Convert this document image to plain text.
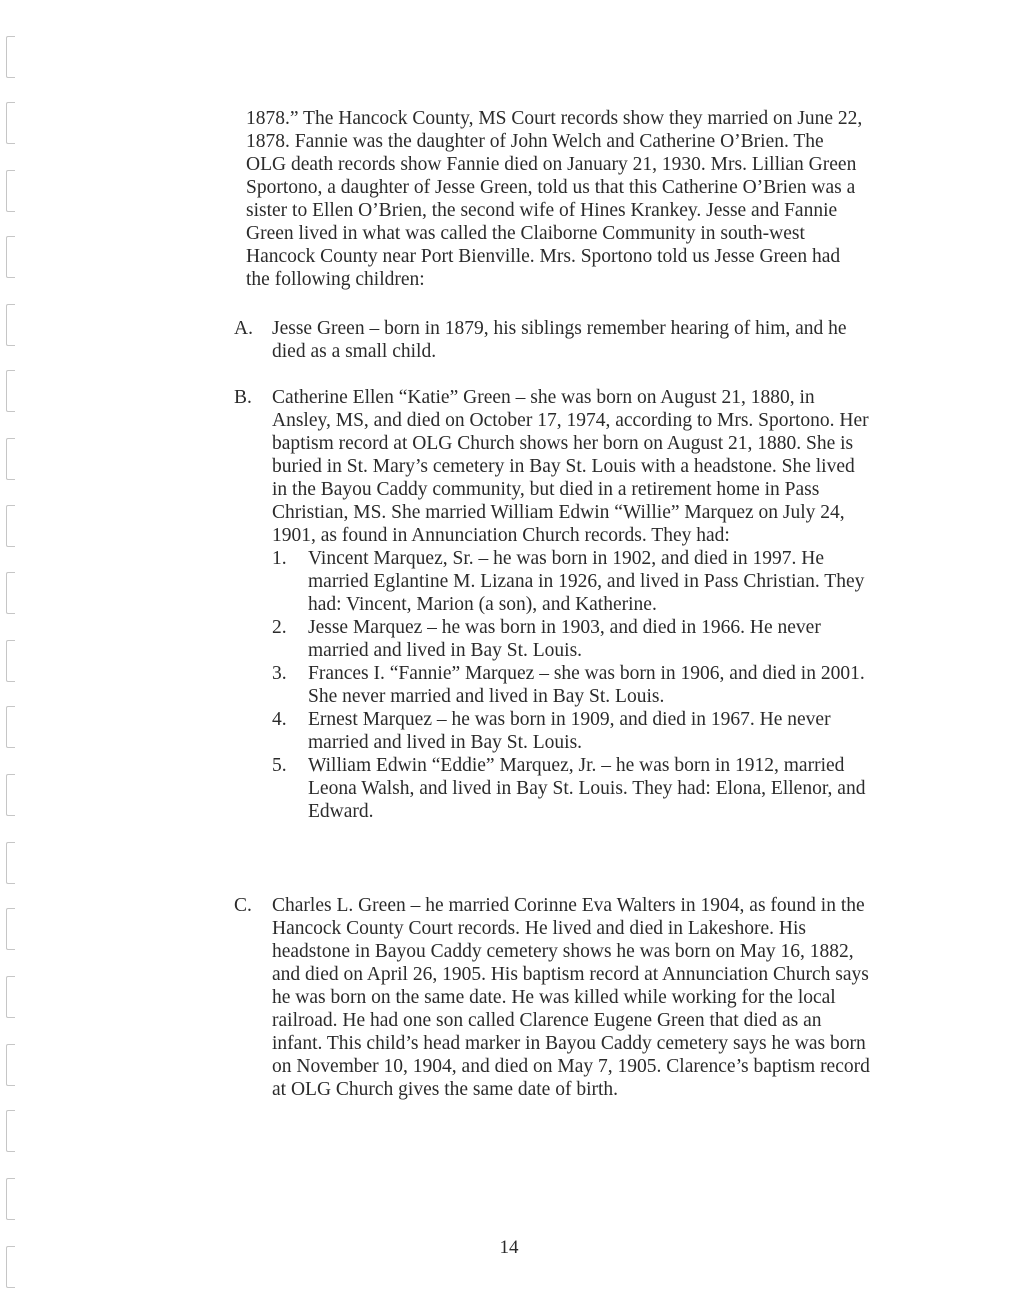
1878.” The Hancock County, MS Court records show they married on June 22, 1878. Fannie was the daughter of John Welch and Catherine O’Brien. The OLG death records show Fannie died on January 21, 1930. Mrs. Lillian Green Sportono, a daughter of Jesse Green, told us that this Catherine O’Brien was a sister to Ellen O’Brien, the second wife of Hines Krankey. Jesse and Fannie Green lived in what was called the Claiborne Community in south-west Hancock County near Port Bienville. Mrs. Sportono told us Jesse Green had the following children:
A. Jesse Green – born in 1879, his siblings remember hearing of him, and he died as a small child.
B. Catherine Ellen “Katie” Green – she was born on August 21, 1880, in Ansley, MS, and died on October 17, 1974, according to Mrs. Sportono. Her baptism record at OLG Church shows her born on August 21, 1880. She is buried in St. Mary’s cemetery in Bay St. Louis with a headstone. She lived in the Bayou Caddy community, but died in a retirement home in Pass Christian, MS. She married William Edwin “Willie” Marquez on July 24, 1901, as found in Annunciation Church records. They had:
1. Vincent Marquez, Sr. – he was born in 1902, and died in 1997. He married Eglantine M. Lizana in 1926, and lived in Pass Christian. They had: Vincent, Marion (a son), and Katherine.
2. Jesse Marquez – he was born in 1903, and died in 1966. He never married and lived in Bay St. Louis.
3. Frances I. “Fannie” Marquez – she was born in 1906, and died in 2001. She never married and lived in Bay St. Louis.
4. Ernest Marquez – he was born in 1909, and died in 1967. He never married and lived in Bay St. Louis.
5. William Edwin “Eddie” Marquez, Jr. – he was born in 1912, married Leona Walsh, and lived in Bay St. Louis. They had: Elona, Ellenor, and Edward.
C. Charles L. Green – he married Corinne Eva Walters in 1904, as found in the Hancock County Court records. He lived and died in Lakeshore. His headstone in Bayou Caddy cemetery shows he was born on May 16, 1882, and died on April 26, 1905. His baptism record at Annunciation Church says he was born on the same date. He was killed while working for the local railroad. He had one son called Clarence Eugene Green that died as an infant. This child’s head marker in Bayou Caddy cemetery says he was born on November 10, 1904, and died on May 7, 1905. Clarence’s baptism record at OLG Church gives the same date of birth.
14
